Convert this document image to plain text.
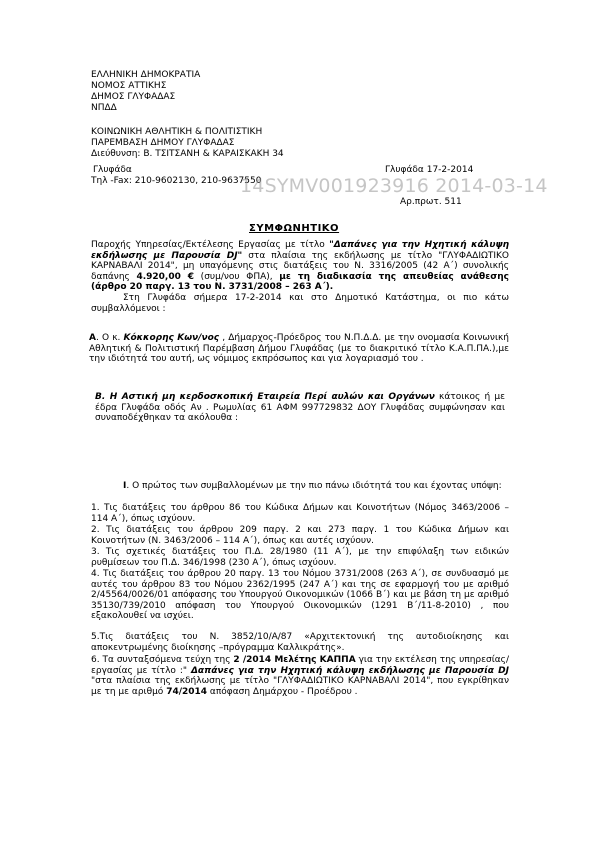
ΕΛΛΗΝΙΚΗ ΔΗΜΟΚΡΑΤΙΑ
ΝΟΜΟΣ ΑΤΤΙΚΗΣ
ΔΗΜΟΣ ΓΛΥΦΑΔΑΣ
ΝΠΔΔ
ΚΟΙΝΩΝΙΚΗ ΑΘΛΗΤΙΚΗ & ΠΟΛΙΤΙΣΤΙΚΗ
ΠΑΡΕΜΒΑΣΗ ΔΗΜΟΥ ΓΛΥΦΑΔΑΣ
Διεύθυνση: Β. ΤΣΙΤΣΑΝΗ & ΚΑΡΑΙΣΚΑΚΗ 34
Γλυφάδα	Γλυφάδα 17-2-2014
Τηλ -Fax: 210-9602130, 210-9637550
Αρ.πρωτ. 511
14SYMV001923916 2014-03-14
ΣΥΜΦΩΝΗΤΙΚΟ
Παροχής Υπηρεσίας/Εκτέλεσης Εργασίας με τίτλο "Δαπάνες για την Ηχητική κάλυψη εκδήλωσης με Παρουσία DJ" στα πλαίσια της εκδήλωσης με τίτλο "ΓΛΥΦΑΔΙΩΤΙΚΟ ΚΑΡΝΑΒΑΛΙ 2014", μη υπαγόμενης στις διατάξεις του Ν. 3316/2005 (42 Α΄) συνολικής δαπάνης 4.920,00 € (συμ/νου ΦΠΑ), με τη διαδικασία της απευθείας ανάθεσης (άρθρο 20 παργ. 13 του Ν. 3731/2008 – 263 Α΄).
Στη Γλυφάδα σήμερα 17-2-2014 και στο Δημοτικό Κατάστημα, οι πιο κάτω συμβαλλόμενοι :
Α. Ο κ. Κόκκορης Κων/νος , Δήμαρχος-Πρόεδρος του Ν.Π.Δ.Δ. με την ονομασία Κοινωνική Αθλητική & Πολιτιστική Παρέμβαση Δήμου Γλυφάδας (με το διακριτικό τίτλο Κ.Α.Π.ΠΑ.),με την ιδιότητά του αυτή, ως νόμιμος εκπρόσωπος και για λογαριασμό του .
Β. Η Αστική μη κερδοσκοπική Εταιρεία Περί αυλών και Οργάνων κάτοικος ή με έδρα Γλυφάδα οδός Αν . Ρωμυλίας 61 ΑΦΜ 997729832 ΔΟΥ Γλυφάδας συμφώνησαν και συναποδέχθηκαν τα ακόλουθα :
Ι. Ο πρώτος των συμβαλλομένων με την πιο πάνω ιδιότητά του και έχοντας υπόψη:
1. Τις διατάξεις του άρθρου 86 του Κώδικα Δήμων και Κοινοτήτων (Νόμος 3463/2006 – 114 Α΄), όπως ισχύουν.
2. Τις διατάξεις του άρθρου 209 παργ. 2 και 273 παργ. 1 του Κώδικα Δήμων και Κοινοτήτων (Ν. 3463/2006 – 114 Α΄), όπως και αυτές ισχύουν.
3. Τις σχετικές διατάξεις του Π.Δ. 28/1980 (11 Α΄), με την επιφύλαξη των ειδικών ρυθμίσεων του Π.Δ. 346/1998 (230 Α΄), όπως ισχύουν.
4. Τις διατάξεις του άρθρου 20 παργ. 13 του Νόμου 3731/2008 (263 Α΄), σε συνδυασμό με αυτές του άρθρου 83 του Νόμου 2362/1995 (247 Α΄) και της σε εφαρμογή του με αριθμό 2/45564/0026/01 απόφασης του Υπουργού Οικονομικών (1066 Β΄) και με βάση τη με αριθμό 35130/739/2010 απόφαση του Υπουργού Οικονομικών (1291 Β΄/11-8-2010) , που εξακολουθεί να ισχύει.
5.Τις διατάξεις του Ν. 3852/10/Α/87 «Αρχιτεκτονική της αυτοδιοίκησης και αποκεντρωμένης διοίκησης –πρόγραμμα Καλλικράτης».
6. Τα συνταξσόμενα τεύχη της 2 /2014 Μελέτης ΚΑΠΠΑ για την εκτέλεση της υπηρεσίας/εργασίας με τίτλο :" Δαπάνες για την Ηχητική κάλυψη εκδήλωσης με Παρουσία DJ "στα πλαίσια της εκδήλωσης με τίτλο "ΓΛΥΦΑΔΙΩΤΙΚΟ ΚΑΡΝΑΒΑΛΙ 2014", που εγκρίθηκαν με τη με αριθμό 74/2014 απόφαση Δημάρχου - Προέδρου .
